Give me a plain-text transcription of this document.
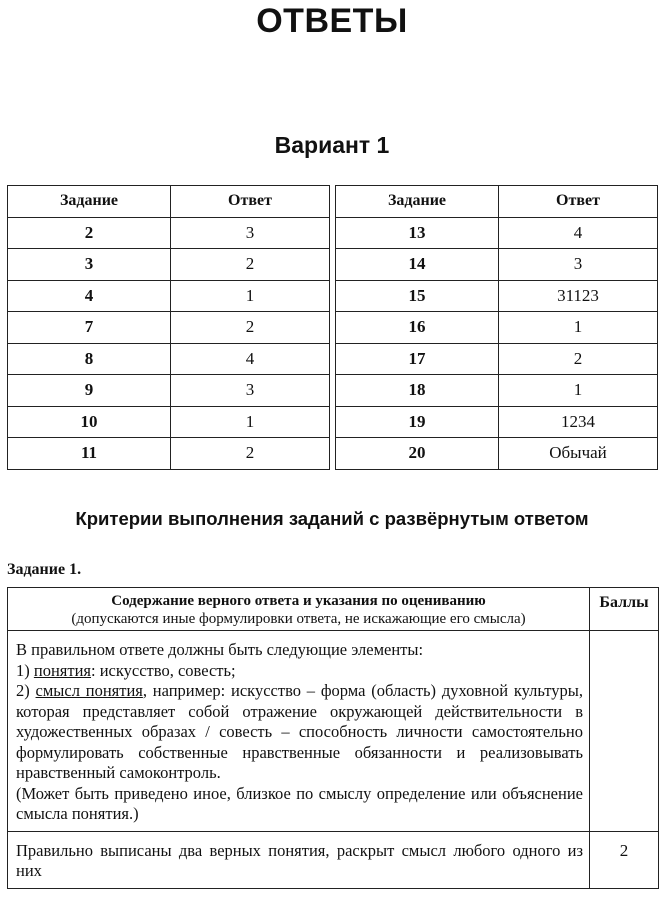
ОТВЕТЫ
Вариант 1
Задание	Ответ
2	3
3	2
4	1
7	2
8	4
9	3
10	1
11	2
Задание	Ответ
13	4
14	3
15	31123
16	1
17	2
18	1
19	1234
20	Обычай
Критерии выполнения заданий с развёрнутым ответом
Задание 1.
Содержание верного ответа и указания по оцениванию
(допускаются иные формулировки ответа, не искажающие его смысла)	Баллы

В правильном ответе должны быть следующие элементы:
1) понятия: искусство, совесть;
2) смысл понятия, например: искусство – форма (область) духовной культуры, которая представляет собой отражение окружающей действительности в художественных образах / совесть – способность личности самостоятельно формулировать собственные нравственные обязанности и реализовывать нравственный самоконтроль.
(Может быть приведено иное, близкое по смыслу определение или объяснение смысла понятия.)	

Правильно выписаны два верных понятия, раскрыт смысл любого одного из них	2
